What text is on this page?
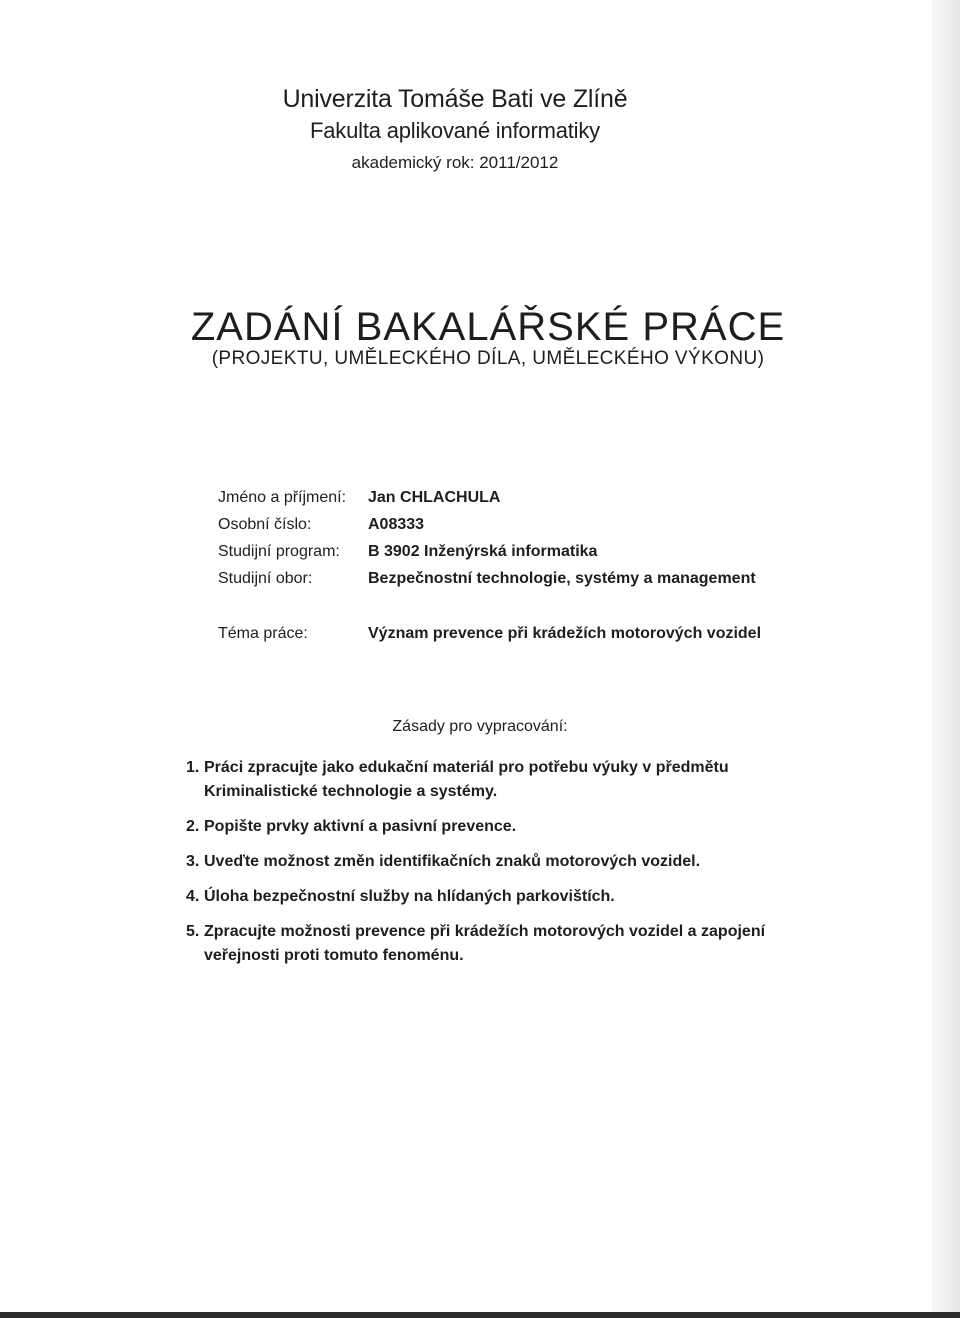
Univerzita Tomáše Bati ve Zlíně
Fakulta aplikované informatiky
akademický rok: 2011/2012
ZADÁNÍ BAKALÁŘSKÉ PRÁCE
(PROJEKTU, UMĚLECKÉHO DÍLA, UMĚLECKÉHO VÝKONU)
Jméno a příjmení: Jan CHLACHULA
Osobní číslo:	A08333
Studijní program: B 3902 Inženýrská informatika
Studijní obor:	Bezpečnostní technologie, systémy a management
Téma práce:	Význam prevence při krádežích motorových vozidel
Zásady pro vypracování:
1. Práci zpracujte jako edukační materiál pro potřebu výuky v předmětu Kriminalistické technologie a systémy.
2. Popište prvky aktivní a pasivní prevence.
3. Uveďte možnost změn identifikačních znaků motorových vozidel.
4. Úloha bezpečnostní služby na hlídaných parkovištích.
5. Zpracujte možnosti prevence při krádežích motorových vozidel a zapojení veřejnosti proti tomuto fenoménu.
